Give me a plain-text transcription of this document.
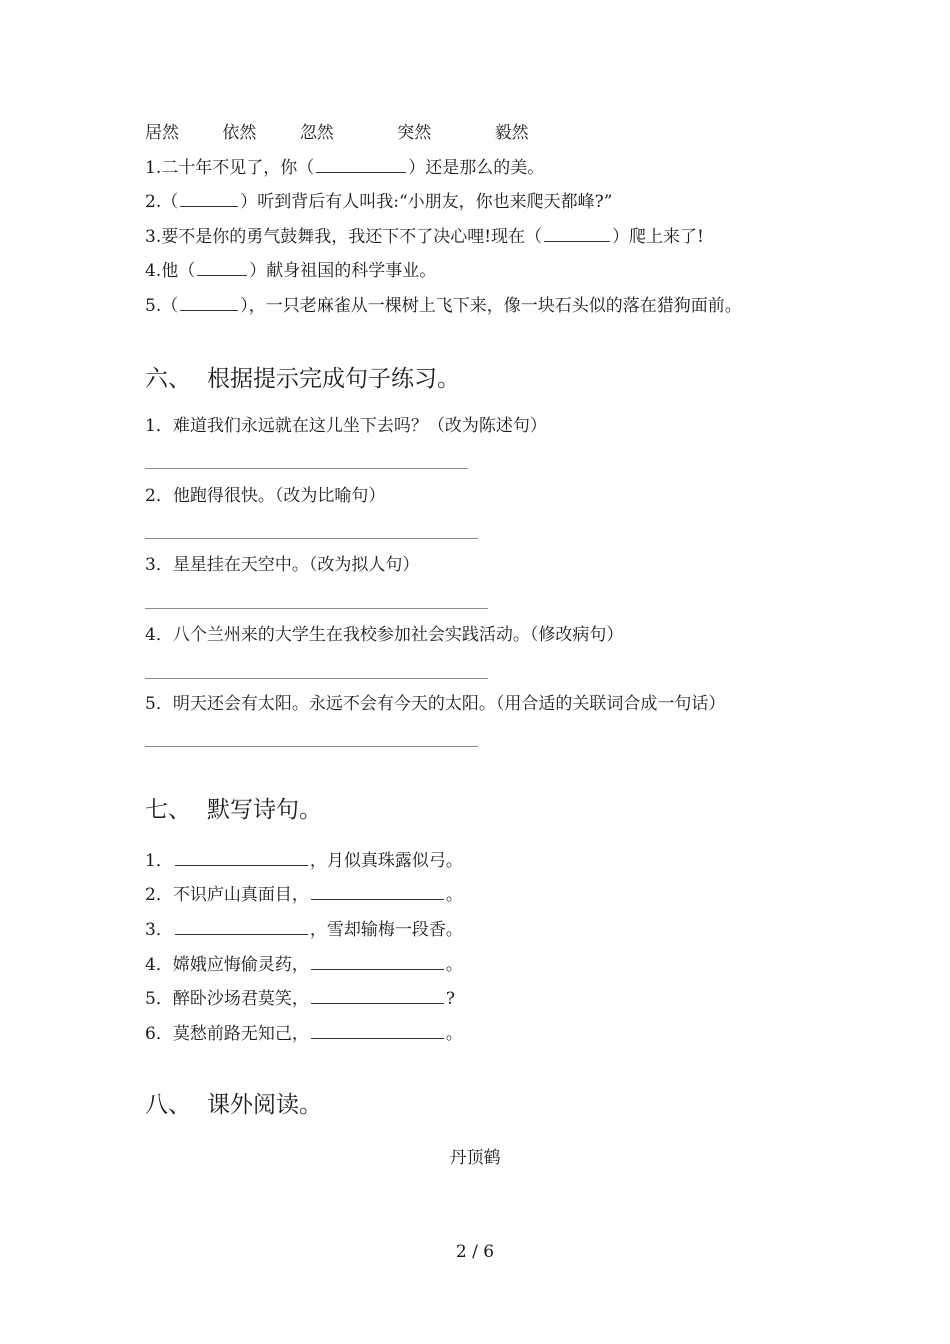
居然	依然	忽然	突然	毅然
1.二十年不见了，你（	）还是那么的美。
2.（	）听到背后有人叫我:“小朋友，你也来爬天都峰?”
3.要不是你的勇气鼓舞我，我还下不了决心哩!现在（	）爬上来了!
4.他（	）献身祖国的科学事业。
5.（	），一只老麻雀从一棵树上飞下来，像一块石头似的落在猎狗面前。
六、 根据提示完成句子练习。
1．难道我们永远就在这儿坐下去吗？（改为陈述句）
2．他跑得很快。（改为比喻句）
3．星星挂在天空中。（改为拟人句）
4．八个兰州来的大学生在我校参加社会实践活动。（修改病句）
5．明天还会有太阳。永远不会有今天的太阳。（用合适的关联词合成一句话）
七、 默写诗句。
1．	，月似真珠露似弓。
2．不识庐山真面目，	。
3．	，雪却输梅一段香。
4．嫦娥应悔偷灵药，	。
5．醉卧沙场君莫笑，	?
6．莫愁前路无知己，	。
八、 课外阅读。
丹顶鹤
2 / 6
